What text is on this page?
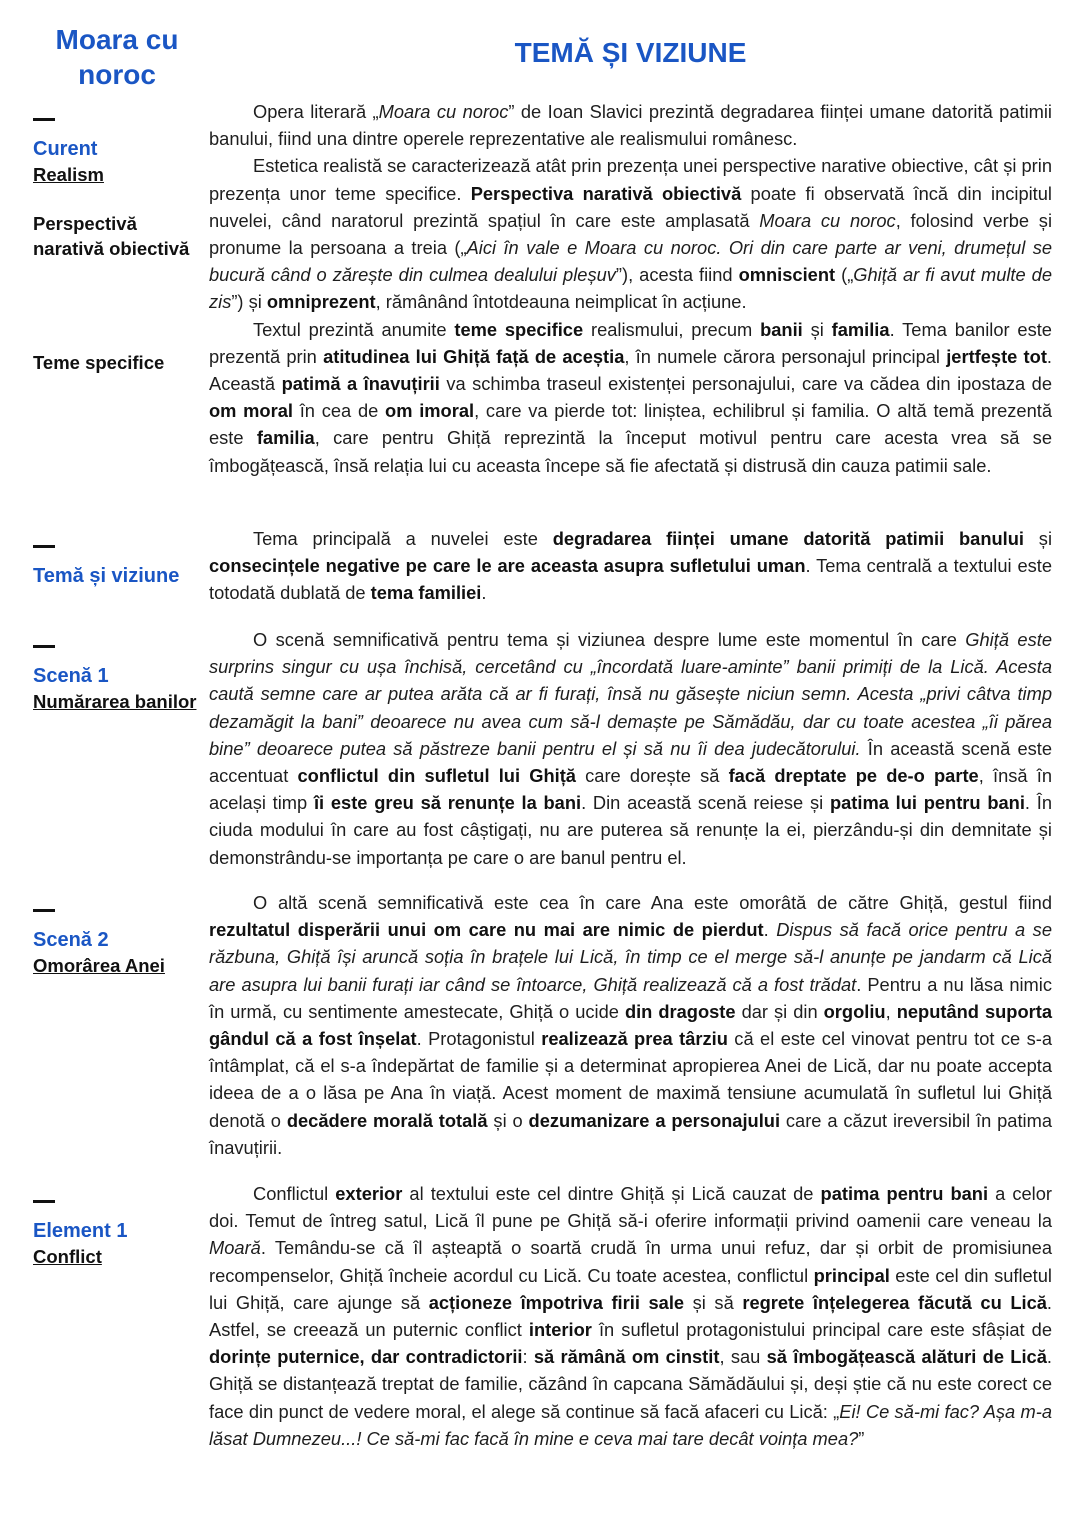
Moara cu noroc
TEMĂ ȘI VIZIUNE
Curent
Realism
Perspectivă narativă obiectivă
Teme specifice
Temă și viziune
Scenă 1
Numărarea banilor
Scenă 2
Omorârea Anei
Element 1
Conflict

Opera literară „Moara cu noroc” de Ioan Slavici prezintă degradarea ființei umane datorită patimii banului, fiind una dintre operele reprezentative ale realismului românesc.

Estetica realistă se caracterizează atât prin prezența unei perspective narative obiective, cât și prin prezența unor teme specifice. Perspectiva narativă obiectivă poate fi observată încă din incipitul nuvelei, când naratorul prezintă spațiul în care este amplasată Moara cu noroc, folosind verbe și pronume la persoana a treia („Aici în vale e Moara cu noroc. Ori din care parte ar veni, drumețul se bucură când o zărește din culmea dealului pleșuv”), acesta fiind omniscient („Ghiță ar fi avut multe de zis”) și omniprezent, rămânând întotdeauna neimplicat în acțiune.

Textul prezintă anumite teme specifice realismului, precum banii și familia. Tema banilor este prezentă prin atitudinea lui Ghiță față de aceștia, în numele cărora personajul principal jertfește tot. Această patimă a înavuțirii va schimba traseul existenței personajului, care va cădea din ipostaza de om moral în cea de om imoral, care va pierde tot: liniștea, echilibrul și familia. O altă temă prezentă este familia, care pentru Ghiță reprezintă la început motivul pentru care acesta vrea să se îmbogățească, însă relația lui cu aceasta începe să fie afectată și distrusă din cauza patimii sale.

Tema principală a nuvelei este degradarea ființei umane datorită patimii banului și consecințele negative pe care le are aceasta asupra sufletului uman. Tema centrală a textului este totodată dublată de tema familiei.

O scenă semnificativă pentru tema și viziunea despre lume este momentul în care Ghiță este surprins singur cu ușa închisă, cercetând cu „încordată luare-aminte” banii primiți de la Lică. Acesta caută semne care ar putea arăta că ar fi furați, însă nu găsește niciun semn. Acesta „privi câtva timp dezamăgit la bani” deoarece nu avea cum să-l demaște pe Sămădău, dar cu toate acestea „îi părea bine” deoarece putea să păstreze banii pentru el și să nu îi dea judecătorului. În această scenă este accentuat conflictul din sufletul lui Ghiță care dorește să facă dreptate pe de-o parte, însă în același timp îi este greu să renunțe la bani. Din această scenă reiese și patima lui pentru bani. În ciuda modului în care au fost câștigați, nu are puterea să renunțe la ei, pierzându-și din demnitate și demonstrându-se importanța pe care o are banul pentru el.

O altă scenă semnificativă este cea în care Ana este omorâtă de către Ghiță, gestul fiind rezultatul disperării unui om care nu mai are nimic de pierdut. Dispus să facă orice pentru a se răzbuna, Ghiță își aruncă soția în brațele lui Lică, în timp ce el merge să-l anunțe pe jandarm că Lică are asupra lui banii furați iar când se întoarce, Ghiță realizează că a fost trădat. Pentru a nu lăsa nimic în urmă, cu sentimente amestecate, Ghiță o ucide din dragoste dar și din orgoliu, neputând suporta gândul că a fost înșelat. Protagonistul realizează prea târziu că el este cel vinovat pentru tot ce s-a întâmplat, că el s-a îndepărtat de familie și a determinat apropierea Anei de Lică, dar nu poate accepta ideea de a o lăsa pe Ana în viață. Acest moment de maximă tensiune acumulată în sufletul lui Ghiță denotă o decădere morală totală și o dezumanizare a personajului care a căzut ireversibil în patima înavuțirii.

Conflictul exterior al textului este cel dintre Ghiță și Lică cauzat de patima pentru bani a celor doi. Temut de întreg satul, Lică îl pune pe Ghiță să-i oferire informații privind oamenii care veneau la Moară. Temându-se că îl așteaptă o soartă crudă în urma unui refuz, dar și orbit de promisiunea recompenselor, Ghiță încheie acordul cu Lică. Cu toate acestea, conflictul principal este cel din sufletul lui Ghiță, care ajunge să acționeze împotriva firii sale și să regrete înțelegerea făcută cu Lică. Astfel, se creează un puternic conflict interior în sufletul protagonistului principal care este sfâșiat de dorințe puternice, dar contradictorii: să rămână om cinstit, sau să îmbogățească alături de Lică. Ghiță se distanțează treptat de familie, căzând în capcana Sămădăului și, deși știe că nu este corect ce face din punct de vedere moral, el alege să continue să facă afaceri cu Lică: „Ei! Ce să-mi fac? Așa m-a lăsat Dumnezeu...! Ce să-mi fac facă în mine e ceva mai tare decât voința mea?”
